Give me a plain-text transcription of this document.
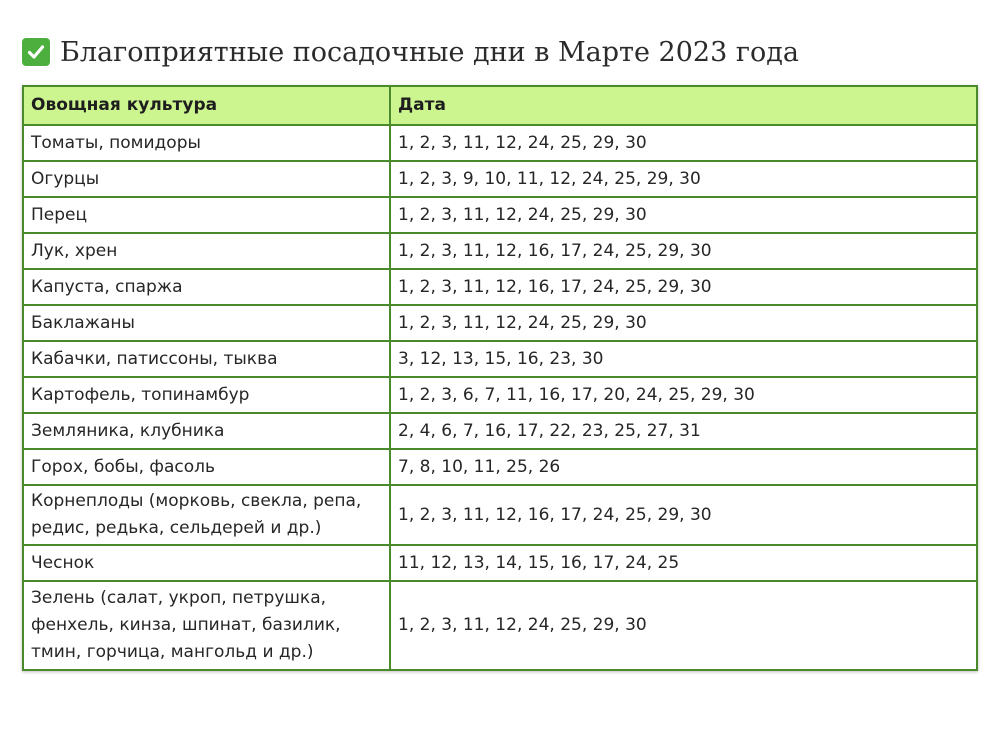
Благоприятные посадочные дни в Марте 2023 года
Овощная культура	Дата
Томаты, помидоры	1, 2, 3, 11, 12, 24, 25, 29, 30
Огурцы	1, 2, 3, 9, 10, 11, 12, 24, 25, 29, 30
Перец	1, 2, 3, 11, 12, 24, 25, 29, 30
Лук, хрен	1, 2, 3, 11, 12, 16, 17, 24, 25, 29, 30
Капуста, спаржа	1, 2, 3, 11, 12, 16, 17, 24, 25, 29, 30
Баклажаны	1, 2, 3, 11, 12, 24, 25, 29, 30
Кабачки, патиссоны, тыква	3, 12, 13, 15, 16, 23, 30
Картофель, топинамбур	1, 2, 3, 6, 7, 11, 16, 17, 20, 24, 25, 29, 30
Земляника, клубника	2, 4, 6, 7, 16, 17, 22, 23, 25, 27, 31
Горох, бобы, фасоль	7, 8, 10, 11, 25, 26
Корнеплоды (морковь, свекла, репа, редис, редька, сельдерей и др.)	1, 2, 3, 11, 12, 16, 17, 24, 25, 29, 30
Чеснок	11, 12, 13, 14, 15, 16, 17, 24, 25
Зелень (салат, укроп, петрушка, фенхель, кинза, шпинат, базилик, тмин, горчица, мангольд и др.)	1, 2, 3, 11, 12, 24, 25, 29, 30
